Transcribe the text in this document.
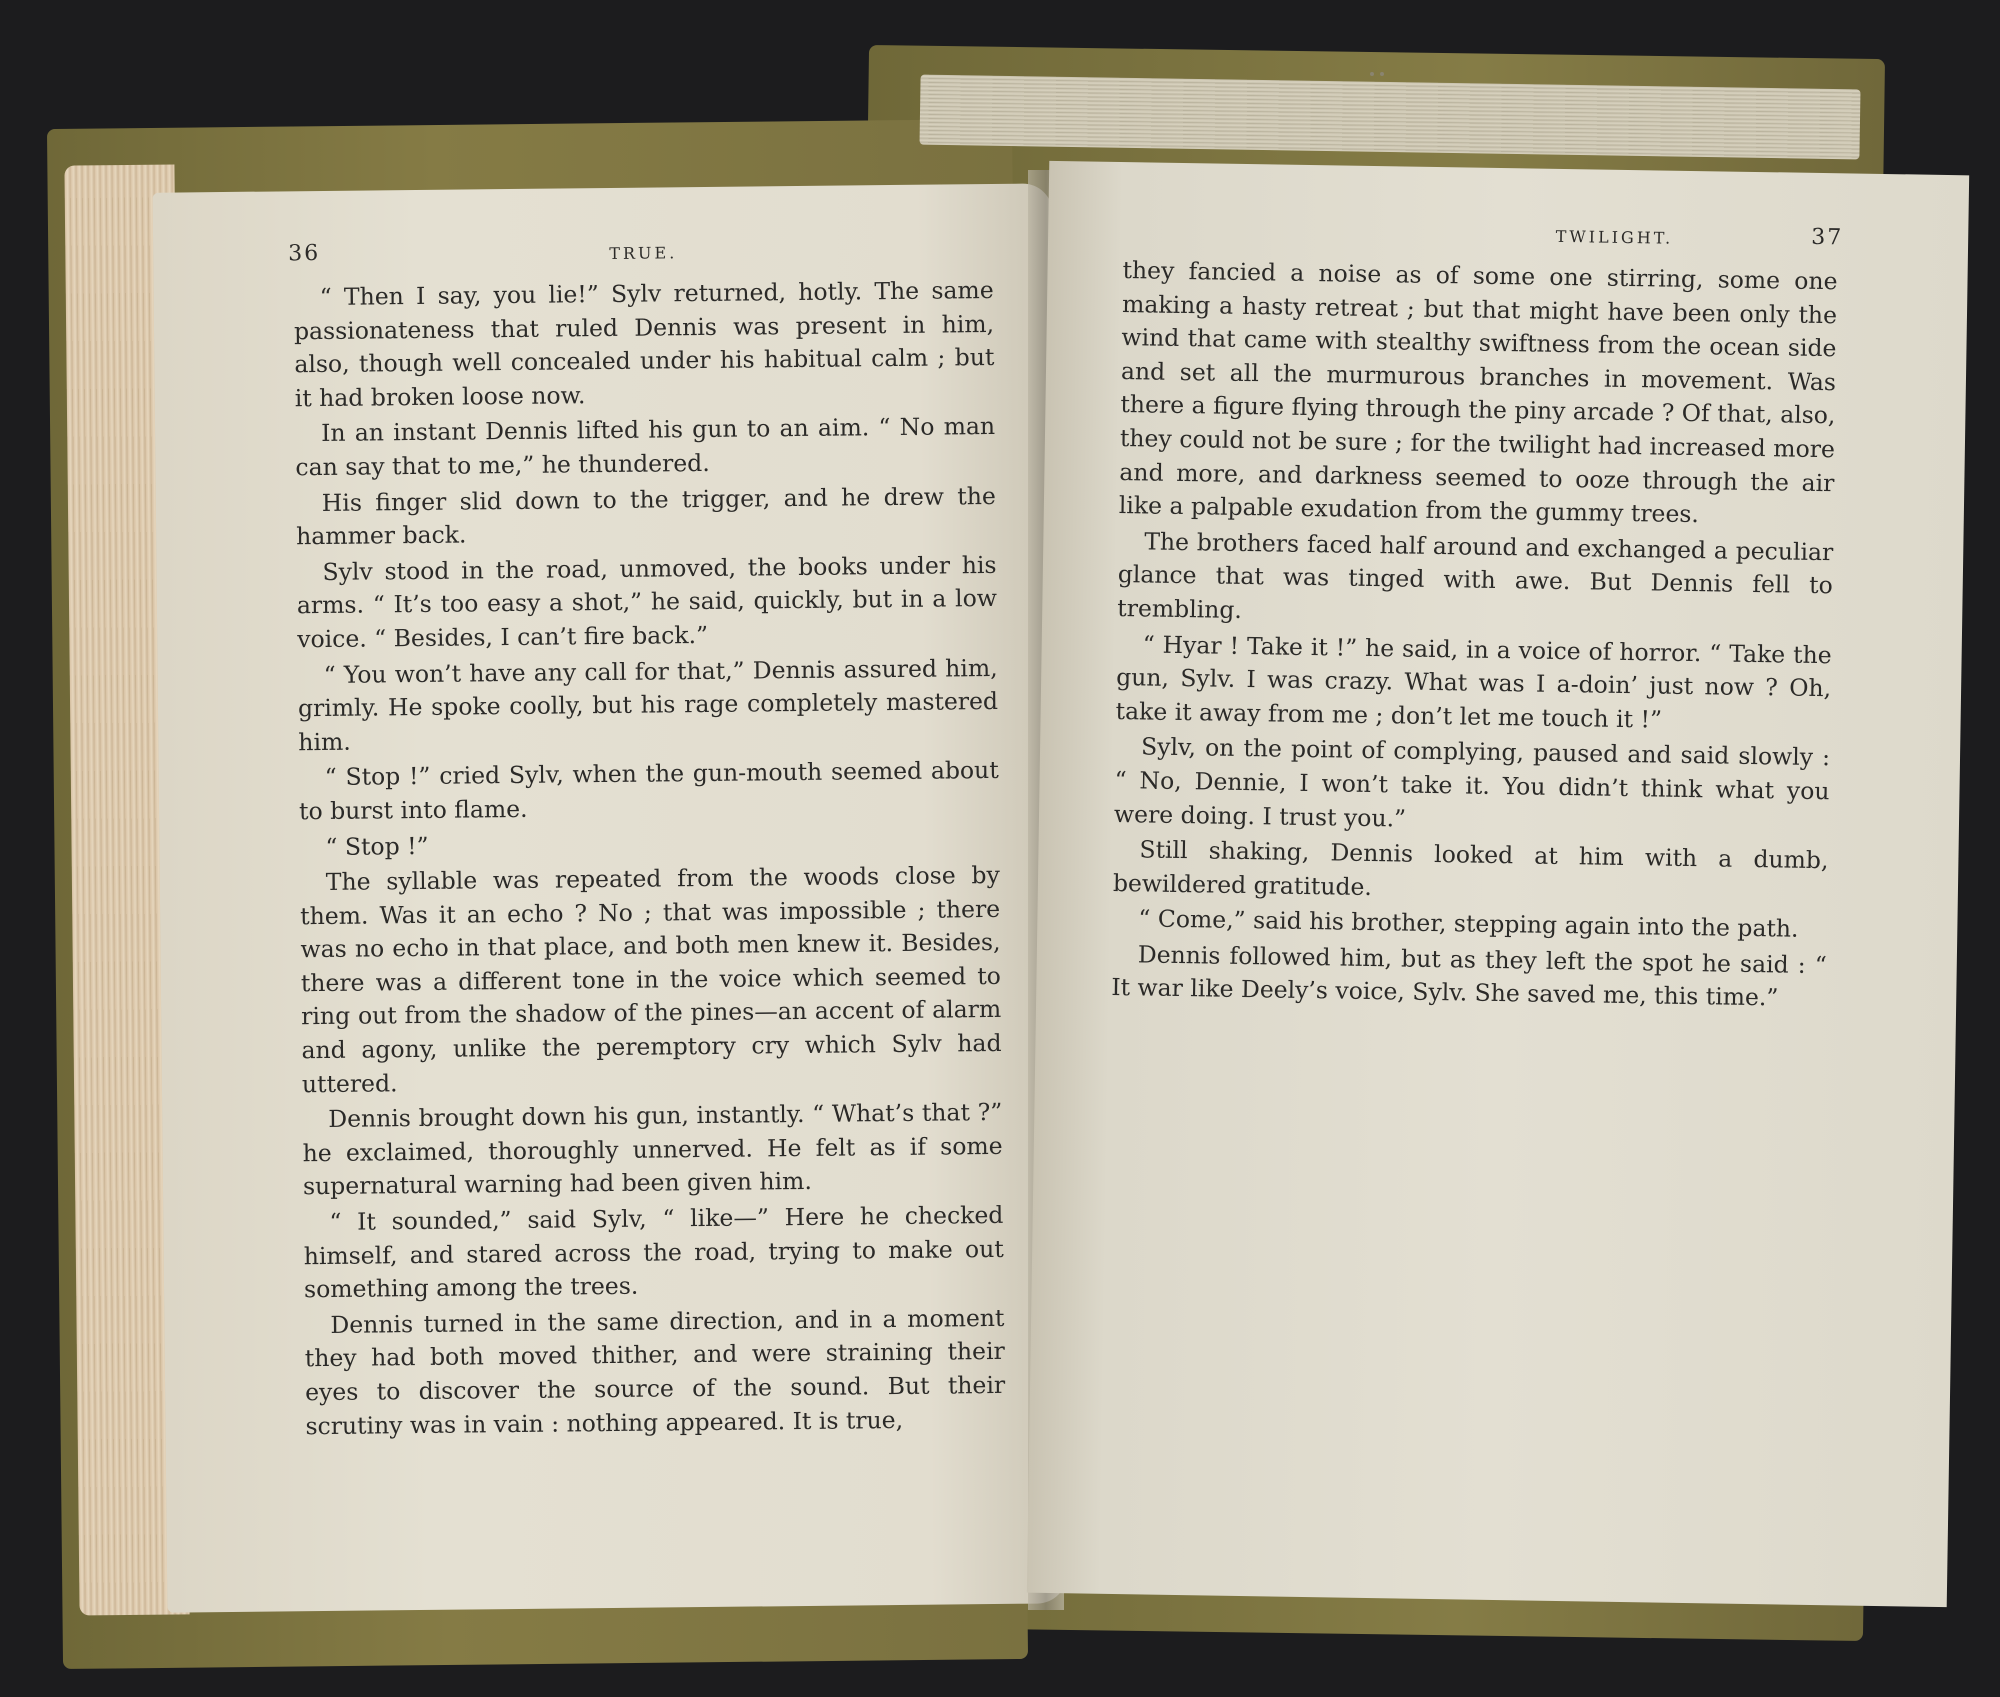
36	TRUE.

“ Then I say, you lie!” Sylv returned, hotly. The same passionateness that ruled Dennis was present in him, also, though well concealed under his habitual calm ; but it had broken loose now.

In an instant Dennis lifted his gun to an aim. “ No man can say that to me,” he thundered.

His finger slid down to the trigger, and he drew the hammer back.

Sylv stood in the road, unmoved, the books under his arms. “ It’s too easy a shot,” he said, quickly, but in a low voice. “ Besides, I can’t fire back.”

“ You won’t have any call for that,” Dennis assured him, grimly. He spoke coolly, but his rage completely mastered him.

“ Stop !” cried Sylv, when the gun-mouth seemed about to burst into flame.

“ Stop !”

The syllable was repeated from the woods close by them. Was it an echo ? No ; that was impossible ; there was no echo in that place, and both men knew it. Besides, there was a different tone in the voice which seemed to ring out from the shadow of the pines—an accent of alarm and agony, unlike the peremptory cry which Sylv had uttered.

Dennis brought down his gun, instantly. “ What’s that ?” he exclaimed, thoroughly unnerved. He felt as if some supernatural warning had been given him.

“ It sounded,” said Sylv, “ like—” Here he checked himself, and stared across the road, trying to make out something among the trees.

Dennis turned in the same direction, and in a moment they had both moved thither, and were straining their eyes to discover the source of the sound. But their scrutiny was in vain : nothing appeared. It is true,

TWILIGHT.	37

they fancied a noise as of some one stirring, some one making a hasty retreat ; but that might have been only the wind that came with stealthy swiftness from the ocean side and set all the murmurous branches in movement. Was there a figure flying through the piny arcade ? Of that, also, they could not be sure ; for the twilight had increased more and more, and darkness seemed to ooze through the air like a palpable exudation from the gummy trees.

The brothers faced half around and exchanged a peculiar glance that was tinged with awe. But Dennis fell to trembling.

“ Hyar ! Take it !” he said, in a voice of horror. “ Take the gun, Sylv. I was crazy. What was I a-doin’ just now ? Oh, take it away from me ; don’t let me touch it !”

Sylv, on the point of complying, paused and said slowly : “ No, Dennie, I won’t take it. You didn’t think what you were doing. I trust you.”

Still shaking, Dennis looked at him with a dumb, bewildered gratitude.

“ Come,” said his brother, stepping again into the path.

Dennis followed him, but as they left the spot he said : “ It war like Deely’s voice, Sylv. She saved me, this time.”
